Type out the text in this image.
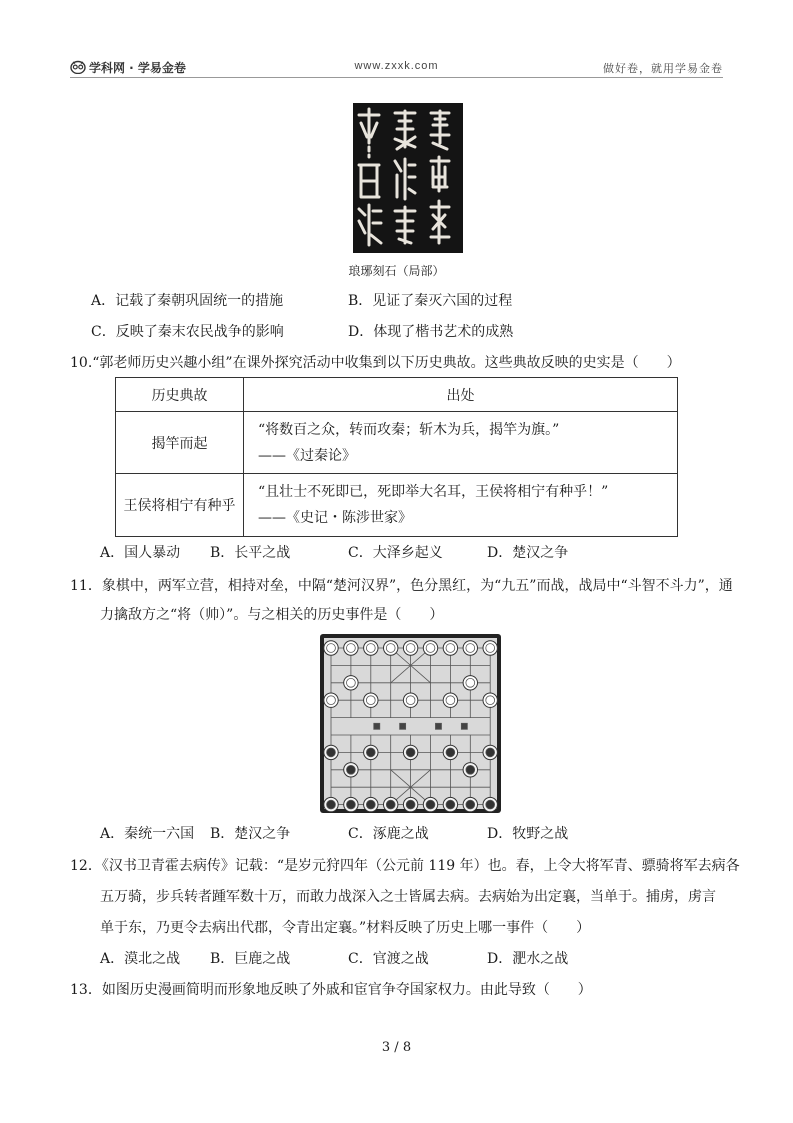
学科网 · 学易金卷	www.zxxk.com	做好卷，就用学易金卷
琅琊刻石（局部）
A．记载了秦朝巩固统一的措施	B．见证了秦灭六国的过程
C．反映了秦末农民战争的影响	D．体现了楷书艺术的成熟
10.“郭老师历史兴趣小组”在课外探究活动中收集到以下历史典故。这些典故反映的史实是（　　）
历史典故	出处
揭竿而起	“将数百之众，转而攻秦；斩木为兵，揭竿为旗。”
——《过秦论》

王侯将相宁有种乎	“且壮士不死即已，死即举大名耳，王侯将相宁有种乎！”
——《史记・陈涉世家》
A．国人暴动 B．长平之战	C．大泽乡起义	D．楚汉之争
11．象棋中，两军立营，相持对垒，中隔“楚河汉界”，色分黑红，为“九五”而战，战局中“斗智不斗力”，通
力擒敌方之“将（帅）”。与之相关的历史事件是（　　）
A．秦统一六国 B．楚汉之争	C．涿鹿之战	D．牧野之战
12．《汉书卫青霍去病传》记载：“是岁元狩四年（公元前 119 年）也。春，上令大将军青、骠骑将军去病各
五万骑，步兵转者踵军数十万，而敢力战深入之士皆属去病。去病始为出定襄，当单于。捕虏，虏言
单于东，乃更令去病出代郡，令青出定襄。”材料反映了历史上哪一事件（　　）
A．漠北之战 B．巨鹿之战	C．官渡之战	D．淝水之战
13．如图历史漫画简明而形象地反映了外戚和宦官争夺国家权力。由此导致（　　）
3 / 8
